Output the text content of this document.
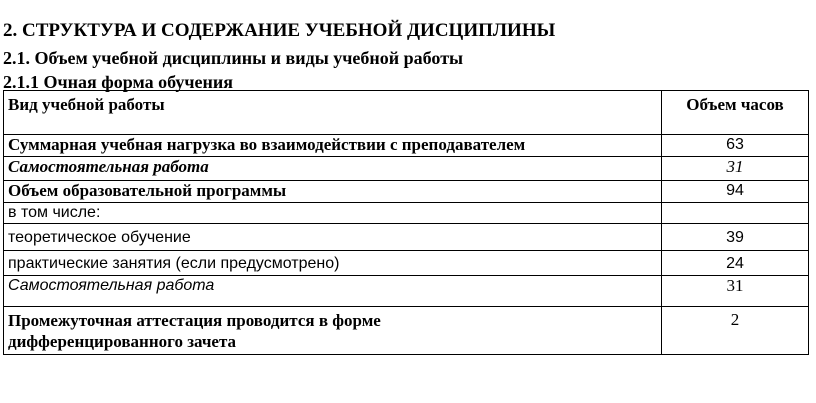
2. СТРУКТУРА И СОДЕРЖАНИЕ УЧЕБНОЙ ДИСЦИПЛИНЫ
2.1. Объем учебной дисциплины и виды учебной работы
2.1.1 Очная форма обучения
Вид учебной работы	Объем часов
Суммарная учебная нагрузка во взаимодействии с преподавателем	63
Самостоятельная работа	31
Объем образовательной программы	94
в том числе:	
теоретическое обучение	39
практические занятия (если предусмотрено)	24
Самостоятельная работа	31

Промежуточная аттестация проводится в форме
дифференцированного зачета	2
